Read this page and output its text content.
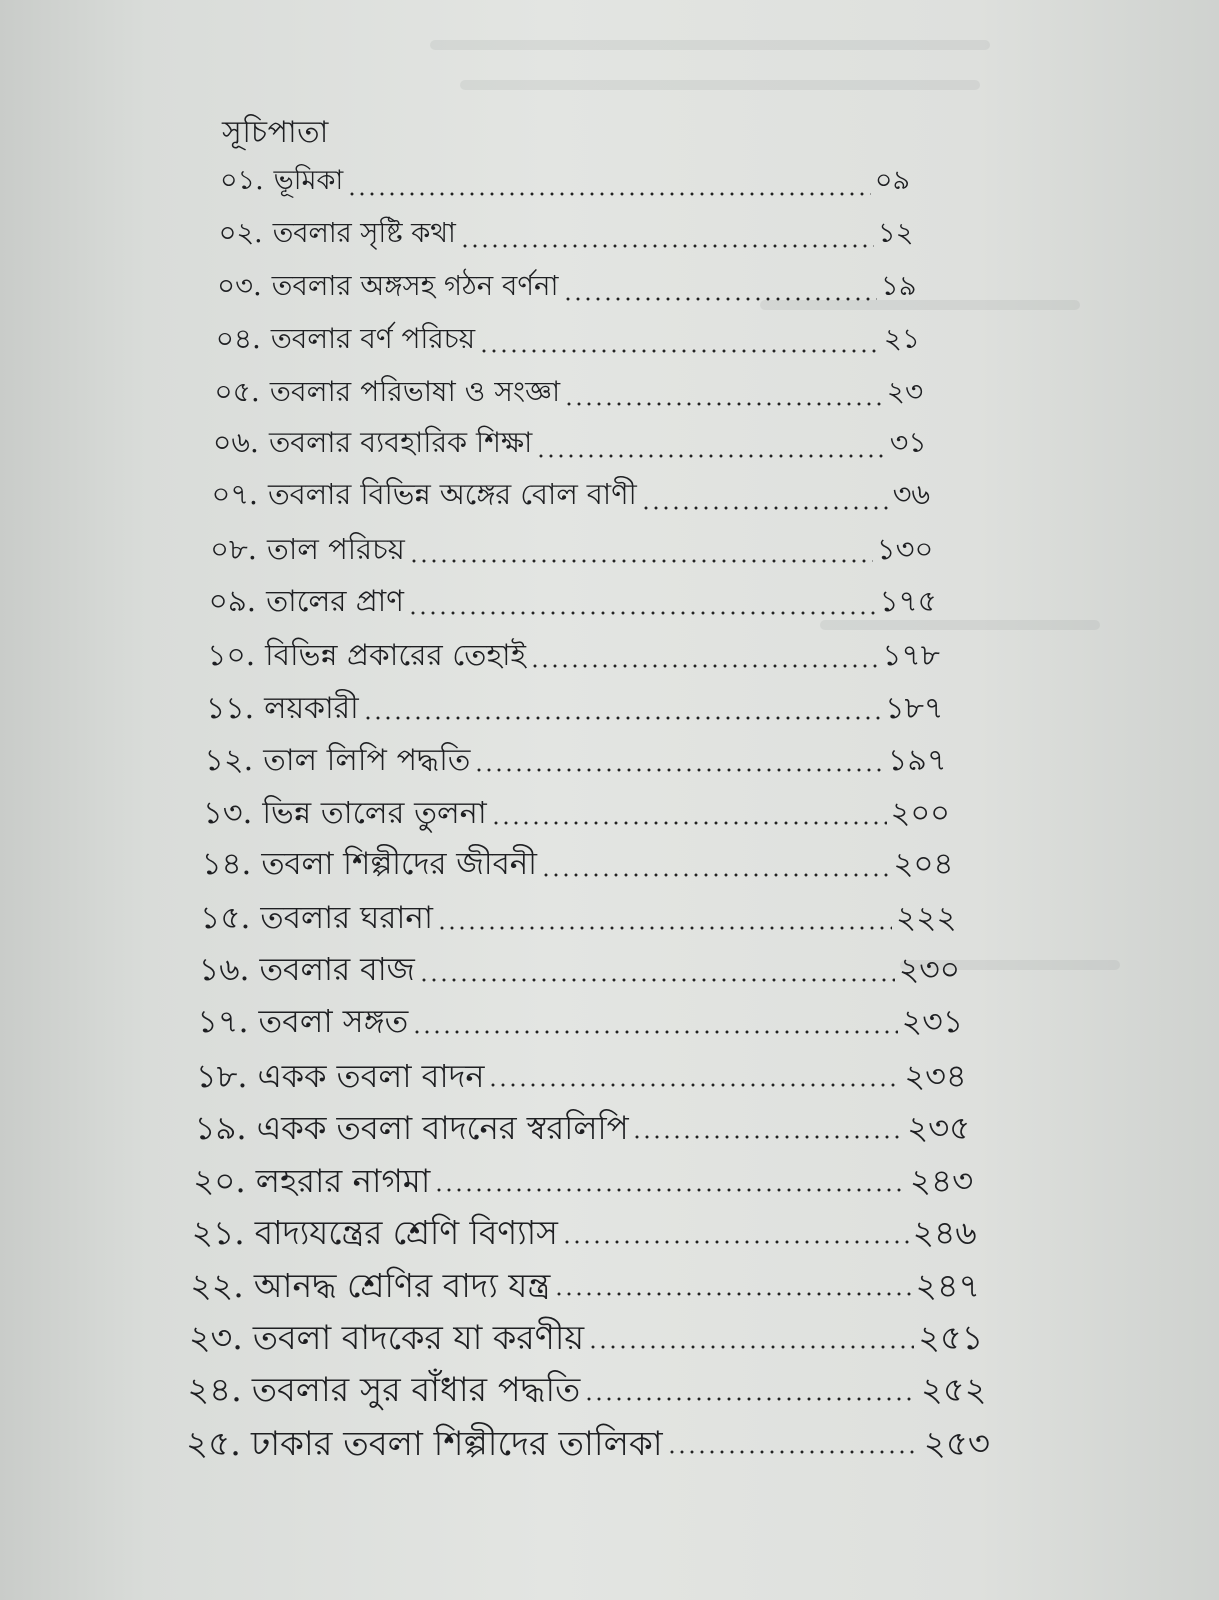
সূচিপাতা
০১. ভূমিকা	০৯
০২. তবলার সৃষ্টি কথা	১২
০৩. তবলার অঙ্গসহ গঠন বর্ণনা	১৯
০৪. তবলার বর্ণ পরিচয়	২১
০৫. তবলার পরিভাষা ও সংজ্ঞা	২৩
০৬. তবলার ব্যবহারিক শিক্ষা	৩১
০৭. তবলার বিভিন্ন অঙ্গের বোল বাণী	৩৬
০৮. তাল পরিচয়	১৩০
০৯. তালের প্রাণ	১৭৫
১০. বিভিন্ন প্রকারের তেহাই	১৭৮
১১. লয়কারী	১৮৭
১২. তাল লিপি পদ্ধতি	১৯৭
১৩. ভিন্ন তালের তুলনা	২০০
১৪. তবলা শিল্পীদের জীবনী	২০৪
১৫. তবলার ঘরানা	২২২
১৬. তবলার বাজ	২৩০
১৭. তবলা সঙ্গত	২৩১
১৮. একক তবলা বাদন	২৩৪
১৯. একক তবলা বাদনের স্বরলিপি	২৩৫
২০. লহরার নাগমা	২৪৩
২১. বাদ্যযন্ত্রের শ্রেণি বিণ্যাস	২৪৬
২২. আনদ্ধ শ্রেণির বাদ্য যন্ত্র	২৪৭
২৩. তবলা বাদকের যা করণীয়	২৫১
২৪. তবলার সুর বাঁধার পদ্ধতি	২৫২
২৫. ঢাকার তবলা শিল্পীদের তালিকা	২৫৩
